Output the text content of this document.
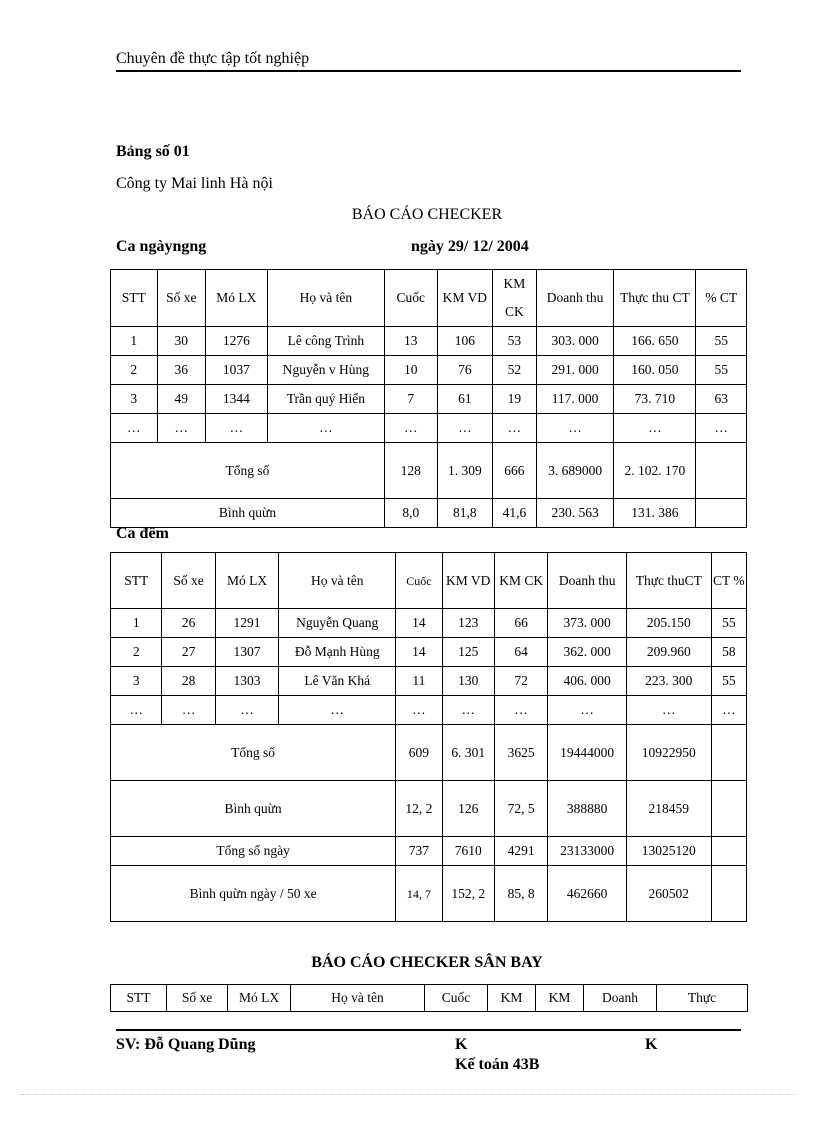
Chuyên đề thực tập tốt nghiệp
Bảng số 01
Công ty Mai linh Hà nội
BÁO CÁO CHECKER
Ca ngàyngng	ngày 29/ 12/ 2004
STT	Số xe	Mó LX	Họ và tên	Cuốc	KM VD	KM CK	Doanh thu	Thực thu CT	% CT
1	30	1276	Lê công Trình	13	106	53	303. 000	166. 650	55
2	36	1037	Nguyễn v Hùng	10	76	52	291. 000	160. 050	55
3	49	1344	Trần quý Hiển	7	61	19	117. 000	73. 710	63
…	…	…	…	…	…	…	…	…	…
Tổng số				128	1. 309	666	3. 689000	2. 102. 170	
Bình quừn				8,0	81,8	41,6	230. 563	131. 386	
Ca đêm
STT	Số xe	Mó LX	Họ và tên	Cuốc	KM VD	KM CK	Doanh thu	Thực thuCT	CT %
1	26	1291	Nguyễn Quang	14	123	66	373. 000	205.150	55
2	27	1307	Đỗ Mạnh Hùng	14	125	64	362. 000	209.960	58
3	28	1303	Lê Văn Khá	11	130	72	406. 000	223. 300	55
…	…	…	…	…	…	…	…	…	…
Tổng số				609	6. 301	3625	19444000	10922950	
Bình quừn				12, 2	126	72, 5	388880	218459	
Tổng số ngày				737	7610	4291	23133000	13025120	
Bình quừn ngày / 50 xe				14, 7	152, 2	85, 8	462660	260502	
BÁO CÁO CHECKER SÂN BAY
STT	Số xe	Mó LX	Họ và tên	Cuốc	KM	KM	Doanh	Thực
SV: Đỗ Quang Dũng	K	K
Kế toán 43B
